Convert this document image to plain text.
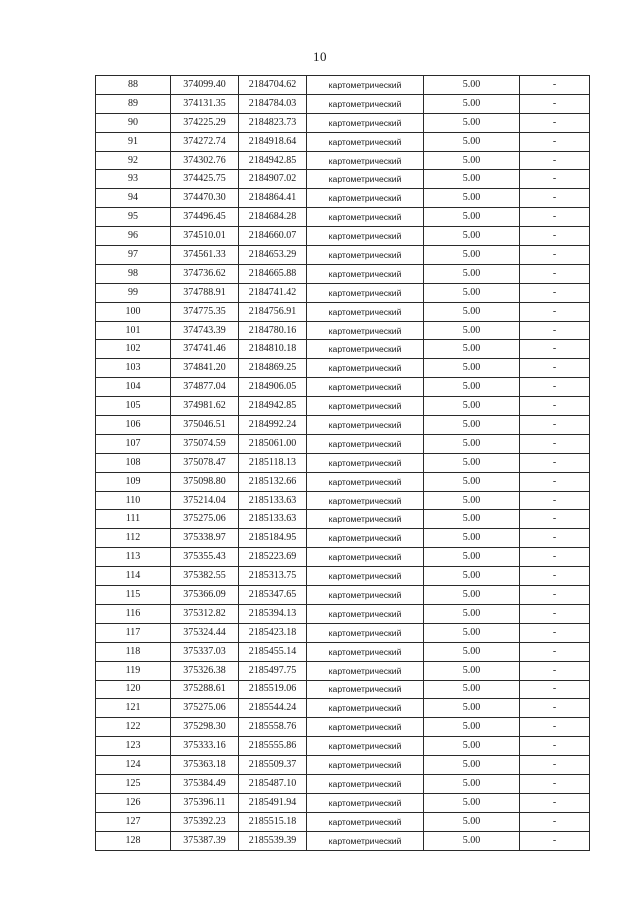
10
88	374099.40	2184704.62	картометрический	5.00	-
89	374131.35	2184784.03	картометрический	5.00	-
90	374225.29	2184823.73	картометрический	5.00	-
91	374272.74	2184918.64	картометрический	5.00	-
92	374302.76	2184942.85	картометрический	5.00	-
93	374425.75	2184907.02	картометрический	5.00	-
94	374470.30	2184864.41	картометрический	5.00	-
95	374496.45	2184684.28	картометрический	5.00	-
96	374510.01	2184660.07	картометрический	5.00	-
97	374561.33	2184653.29	картометрический	5.00	-
98	374736.62	2184665.88	картометрический	5.00	-
99	374788.91	2184741.42	картометрический	5.00	-
100	374775.35	2184756.91	картометрический	5.00	-
101	374743.39	2184780.16	картометрический	5.00	-
102	374741.46	2184810.18	картометрический	5.00	-
103	374841.20	2184869.25	картометрический	5.00	-
104	374877.04	2184906.05	картометрический	5.00	-
105	374981.62	2184942.85	картометрический	5.00	-
106	375046.51	2184992.24	картометрический	5.00	-
107	375074.59	2185061.00	картометрический	5.00	-
108	375078.47	2185118.13	картометрический	5.00	-
109	375098.80	2185132.66	картометрический	5.00	-
110	375214.04	2185133.63	картометрический	5.00	-
111	375275.06	2185133.63	картометрический	5.00	-
112	375338.97	2185184.95	картометрический	5.00	-
113	375355.43	2185223.69	картометрический	5.00	-
114	375382.55	2185313.75	картометрический	5.00	-
115	375366.09	2185347.65	картометрический	5.00	-
116	375312.82	2185394.13	картометрический	5.00	-
117	375324.44	2185423.18	картометрический	5.00	-
118	375337.03	2185455.14	картометрический	5.00	-
119	375326.38	2185497.75	картометрический	5.00	-
120	375288.61	2185519.06	картометрический	5.00	-
121	375275.06	2185544.24	картометрический	5.00	-
122	375298.30	2185558.76	картометрический	5.00	-
123	375333.16	2185555.86	картометрический	5.00	-
124	375363.18	2185509.37	картометрический	5.00	-
125	375384.49	2185487.10	картометрический	5.00	-
126	375396.11	2185491.94	картометрический	5.00	-
127	375392.23	2185515.18	картометрический	5.00	-
128	375387.39	2185539.39	картометрический	5.00	-
